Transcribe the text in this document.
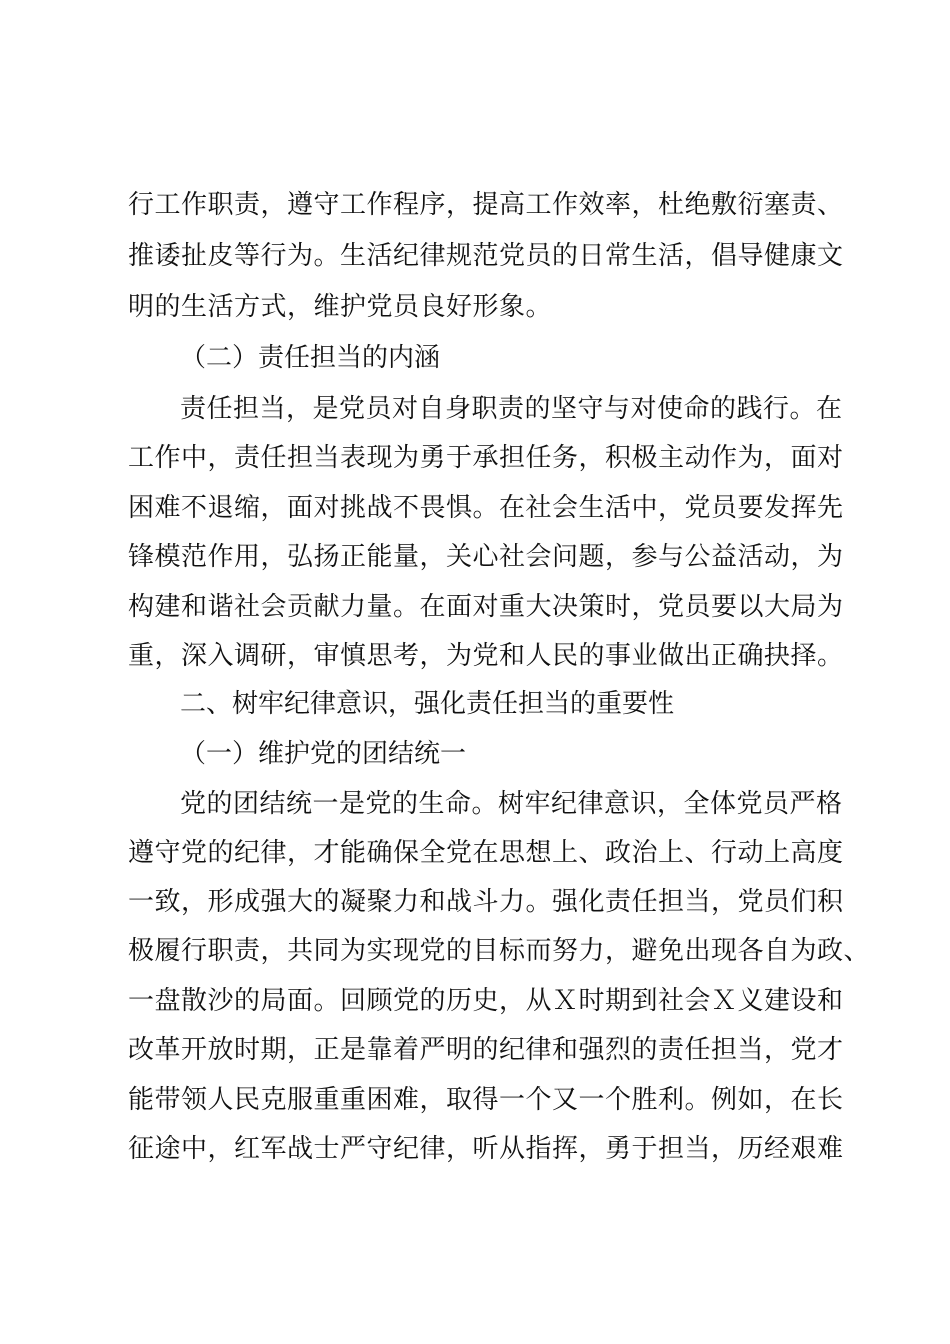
行工作职责，遵守工作程序，提高工作效率，杜绝敷衍塞责、
推诿扯皮等行为。生活纪律规范党员的日常生活，倡导健康文
明的生活方式，维护党员良好形象。
（二）责任担当的内涵
责任担当，是党员对自身职责的坚守与对使命的践行。在
工作中，责任担当表现为勇于承担任务，积极主动作为，面对
困难不退缩，面对挑战不畏惧。在社会生活中，党员要发挥先
锋模范作用，弘扬正能量，关心社会问题，参与公益活动，为
构建和谐社会贡献力量。在面对重大决策时，党员要以大局为
重，深入调研，审慎思考，为党和人民的事业做出正确抉择。
二、树牢纪律意识，强化责任担当的重要性
（一）维护党的团结统一
党的团结统一是党的生命。树牢纪律意识，全体党员严格
遵守党的纪律，才能确保全党在思想上、政治上、行动上高度
一致，形成强大的凝聚力和战斗力。强化责任担当，党员们积
极履行职责，共同为实现党的目标而努力，避免出现各自为政、
一盘散沙的局面。回顾党的历史，从Ｘ时期到社会Ｘ义建设和
改革开放时期，正是靠着严明的纪律和强烈的责任担当，党才
能带领人民克服重重困难，取得一个又一个胜利。例如，在长
征途中，红军战士严守纪律，听从指挥，勇于担当，历经艰难
